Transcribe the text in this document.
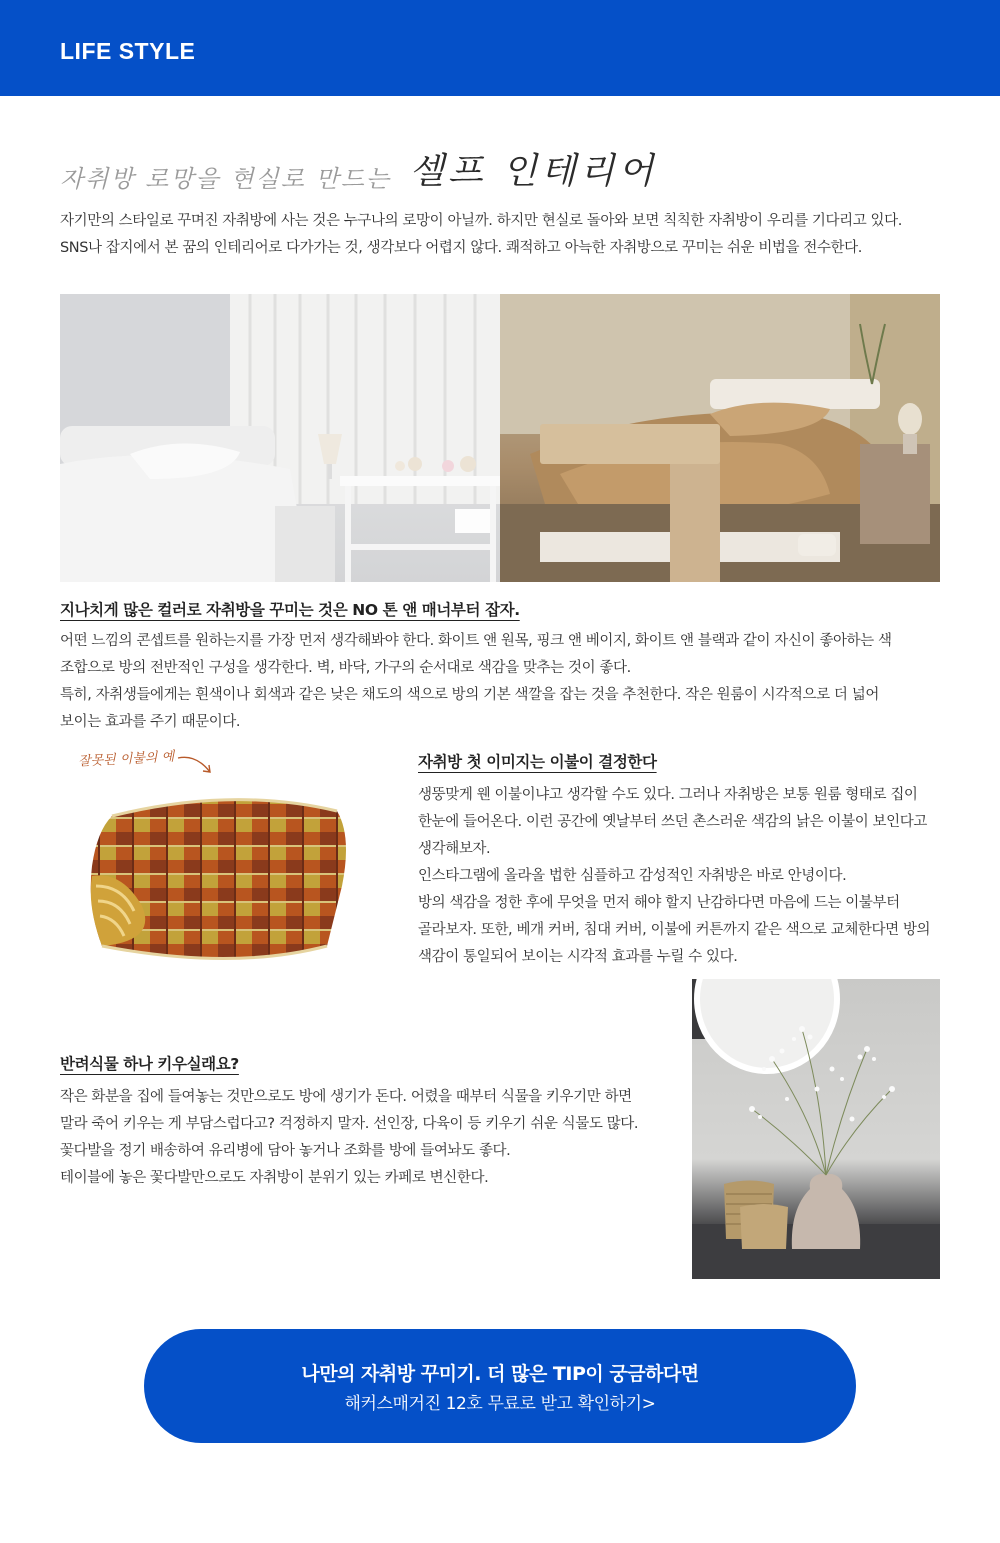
LIFE STYLE
자취방 로망을 현실로 만드는 셀프 인테리어
자기만의 스타일로 꾸며진 자취방에 사는 것은 누구나의 로망이 아닐까. 하지만 현실로 돌아와 보면 칙칙한 자취방이 우리를 기다리고 있다.
SNS나 잡지에서 본 꿈의 인테리어로 다가가는 것, 생각보다 어렵지 않다. 쾌적하고 아늑한 자취방으로 꾸미는 쉬운 비법을 전수한다.
지나치게 많은 컬러로 자취방을 꾸미는 것은 NO 톤 앤 매너부터 잡자.
어떤 느낌의 콘셉트를 원하는지를 가장 먼저 생각해봐야 한다. 화이트 앤 원목, 핑크 앤 베이지, 화이트 앤 블랙과 같이 자신이 좋아하는 색
조합으로 방의 전반적인 구성을 생각한다. 벽, 바닥, 가구의 순서대로 색감을 맞추는 것이 좋다.
특히, 자취생들에게는 흰색이나 회색과 같은 낮은 채도의 색으로 방의 기본 색깔을 잡는 것을 추천한다. 작은 원룸이 시각적으로 더 넓어
보이는 효과를 주기 때문이다.
잘못된 이불의 예	자취방 첫 이미지는 이불이 결정한다
생뚱맞게 웬 이불이냐고 생각할 수도 있다. 그러나 자취방은 보통 원룸 형태로 집이
한눈에 들어온다. 이런 공간에 옛날부터 쓰던 촌스러운 색감의 낡은 이불이 보인다고
생각해보자.
인스타그램에 올라올 법한 심플하고 감성적인 자취방은 바로 안녕이다.
방의 색감을 정한 후에 무엇을 먼저 해야 할지 난감하다면 마음에 드는 이불부터
골라보자. 또한, 베개 커버, 침대 커버, 이불에 커튼까지 같은 색으로 교체한다면 방의
색감이 통일되어 보이는 시각적 효과를 누릴 수 있다.
반려식물 하나 키우실래요?
작은 화분을 집에 들여놓는 것만으로도 방에 생기가 돈다. 어렸을 때부터 식물을 키우기만 하면
말라 죽어 키우는 게 부담스럽다고? 걱정하지 말자. 선인장, 다육이 등 키우기 쉬운 식물도 많다.
꽃다발을 정기 배송하여 유리병에 담아 놓거나 조화를 방에 들여놔도 좋다.
테이블에 놓은 꽃다발만으로도 자취방이 분위기 있는 카페로 변신한다.
나만의 자취방 꾸미기. 더 많은 TIP이 궁금하다면
해커스매거진 12호 무료로 받고 확인하기>
